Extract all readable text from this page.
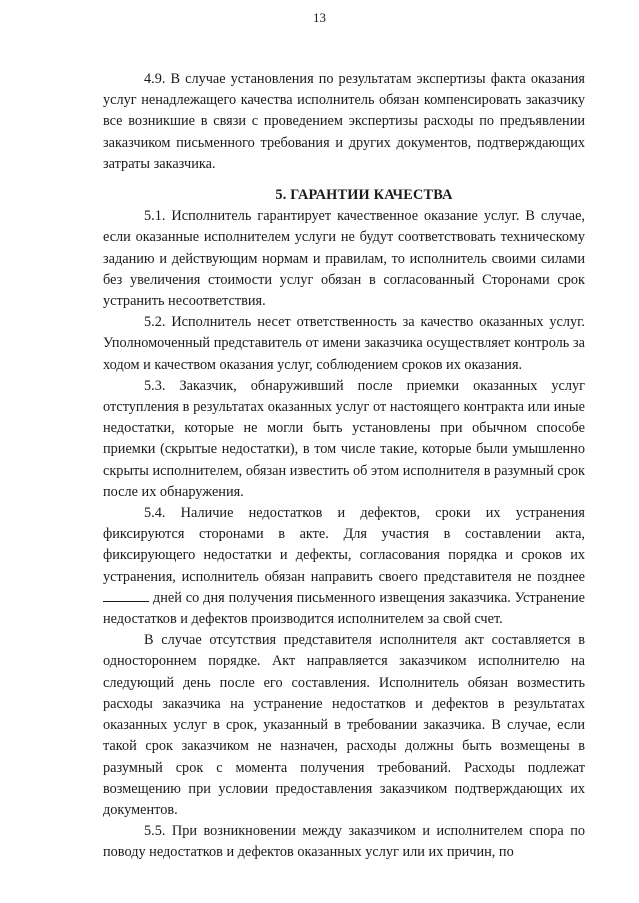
13

4.9. В случае установления по результатам экспертизы факта оказания услуг ненадлежащего качества исполнитель обязан компенсировать заказчику все возникшие в связи с проведением экспертизы расходы по предъявлении заказчиком письменного требования и других документов, подтверждающих затраты заказчика.

5. ГАРАНТИИ КАЧЕСТВА

5.1. Исполнитель гарантирует качественное оказание услуг. В случае, если оказанные исполнителем услуги не будут соответствовать техническому заданию и действующим нормам и правилам, то исполнитель своими силами без увеличения стоимости услуг обязан в согласованный Сторонами срок устранить несоответствия.

5.2. Исполнитель несет ответственность за качество оказанных услуг. Уполномоченный представитель от имени заказчика осуществляет контроль за ходом и качеством оказания услуг, соблюдением сроков их оказания.

5.3. Заказчик, обнаруживший после приемки оказанных услуг отступления в результатах оказанных услуг от настоящего контракта или иные недостатки, которые не могли быть установлены при обычном способе приемки (скрытые недостатки), в том числе такие, которые были умышленно скрыты исполнителем, обязан известить об этом исполнителя в разумный срок после их обнаружения.

5.4. Наличие недостатков и дефектов, сроки их устранения фиксируются сторонами в акте. Для участия в составлении акта, фиксирующего недостатки и дефекты, согласования порядка и сроков их устранения, исполнитель обязан направить своего представителя не позднее  дней со дня получения письменного извещения заказчика. Устранение недостатков и дефектов производится исполнителем за свой счет.

В случае отсутствия представителя исполнителя акт составляется в одностороннем порядке. Акт направляется заказчиком исполнителю на следующий день после его составления. Исполнитель обязан возместить расходы заказчика на устранение недостатков и дефектов в результатах оказанных услуг в срок, указанный в требовании заказчика. В случае, если такой срок заказчиком не назначен, расходы должны быть возмещены в разумный срок с момента получения требований. Расходы подлежат возмещению при условии предоставления заказчиком подтверждающих их документов.

5.5. При возникновении между заказчиком и исполнителем спора по поводу недостатков и дефектов оказанных услуг или их причин, по
